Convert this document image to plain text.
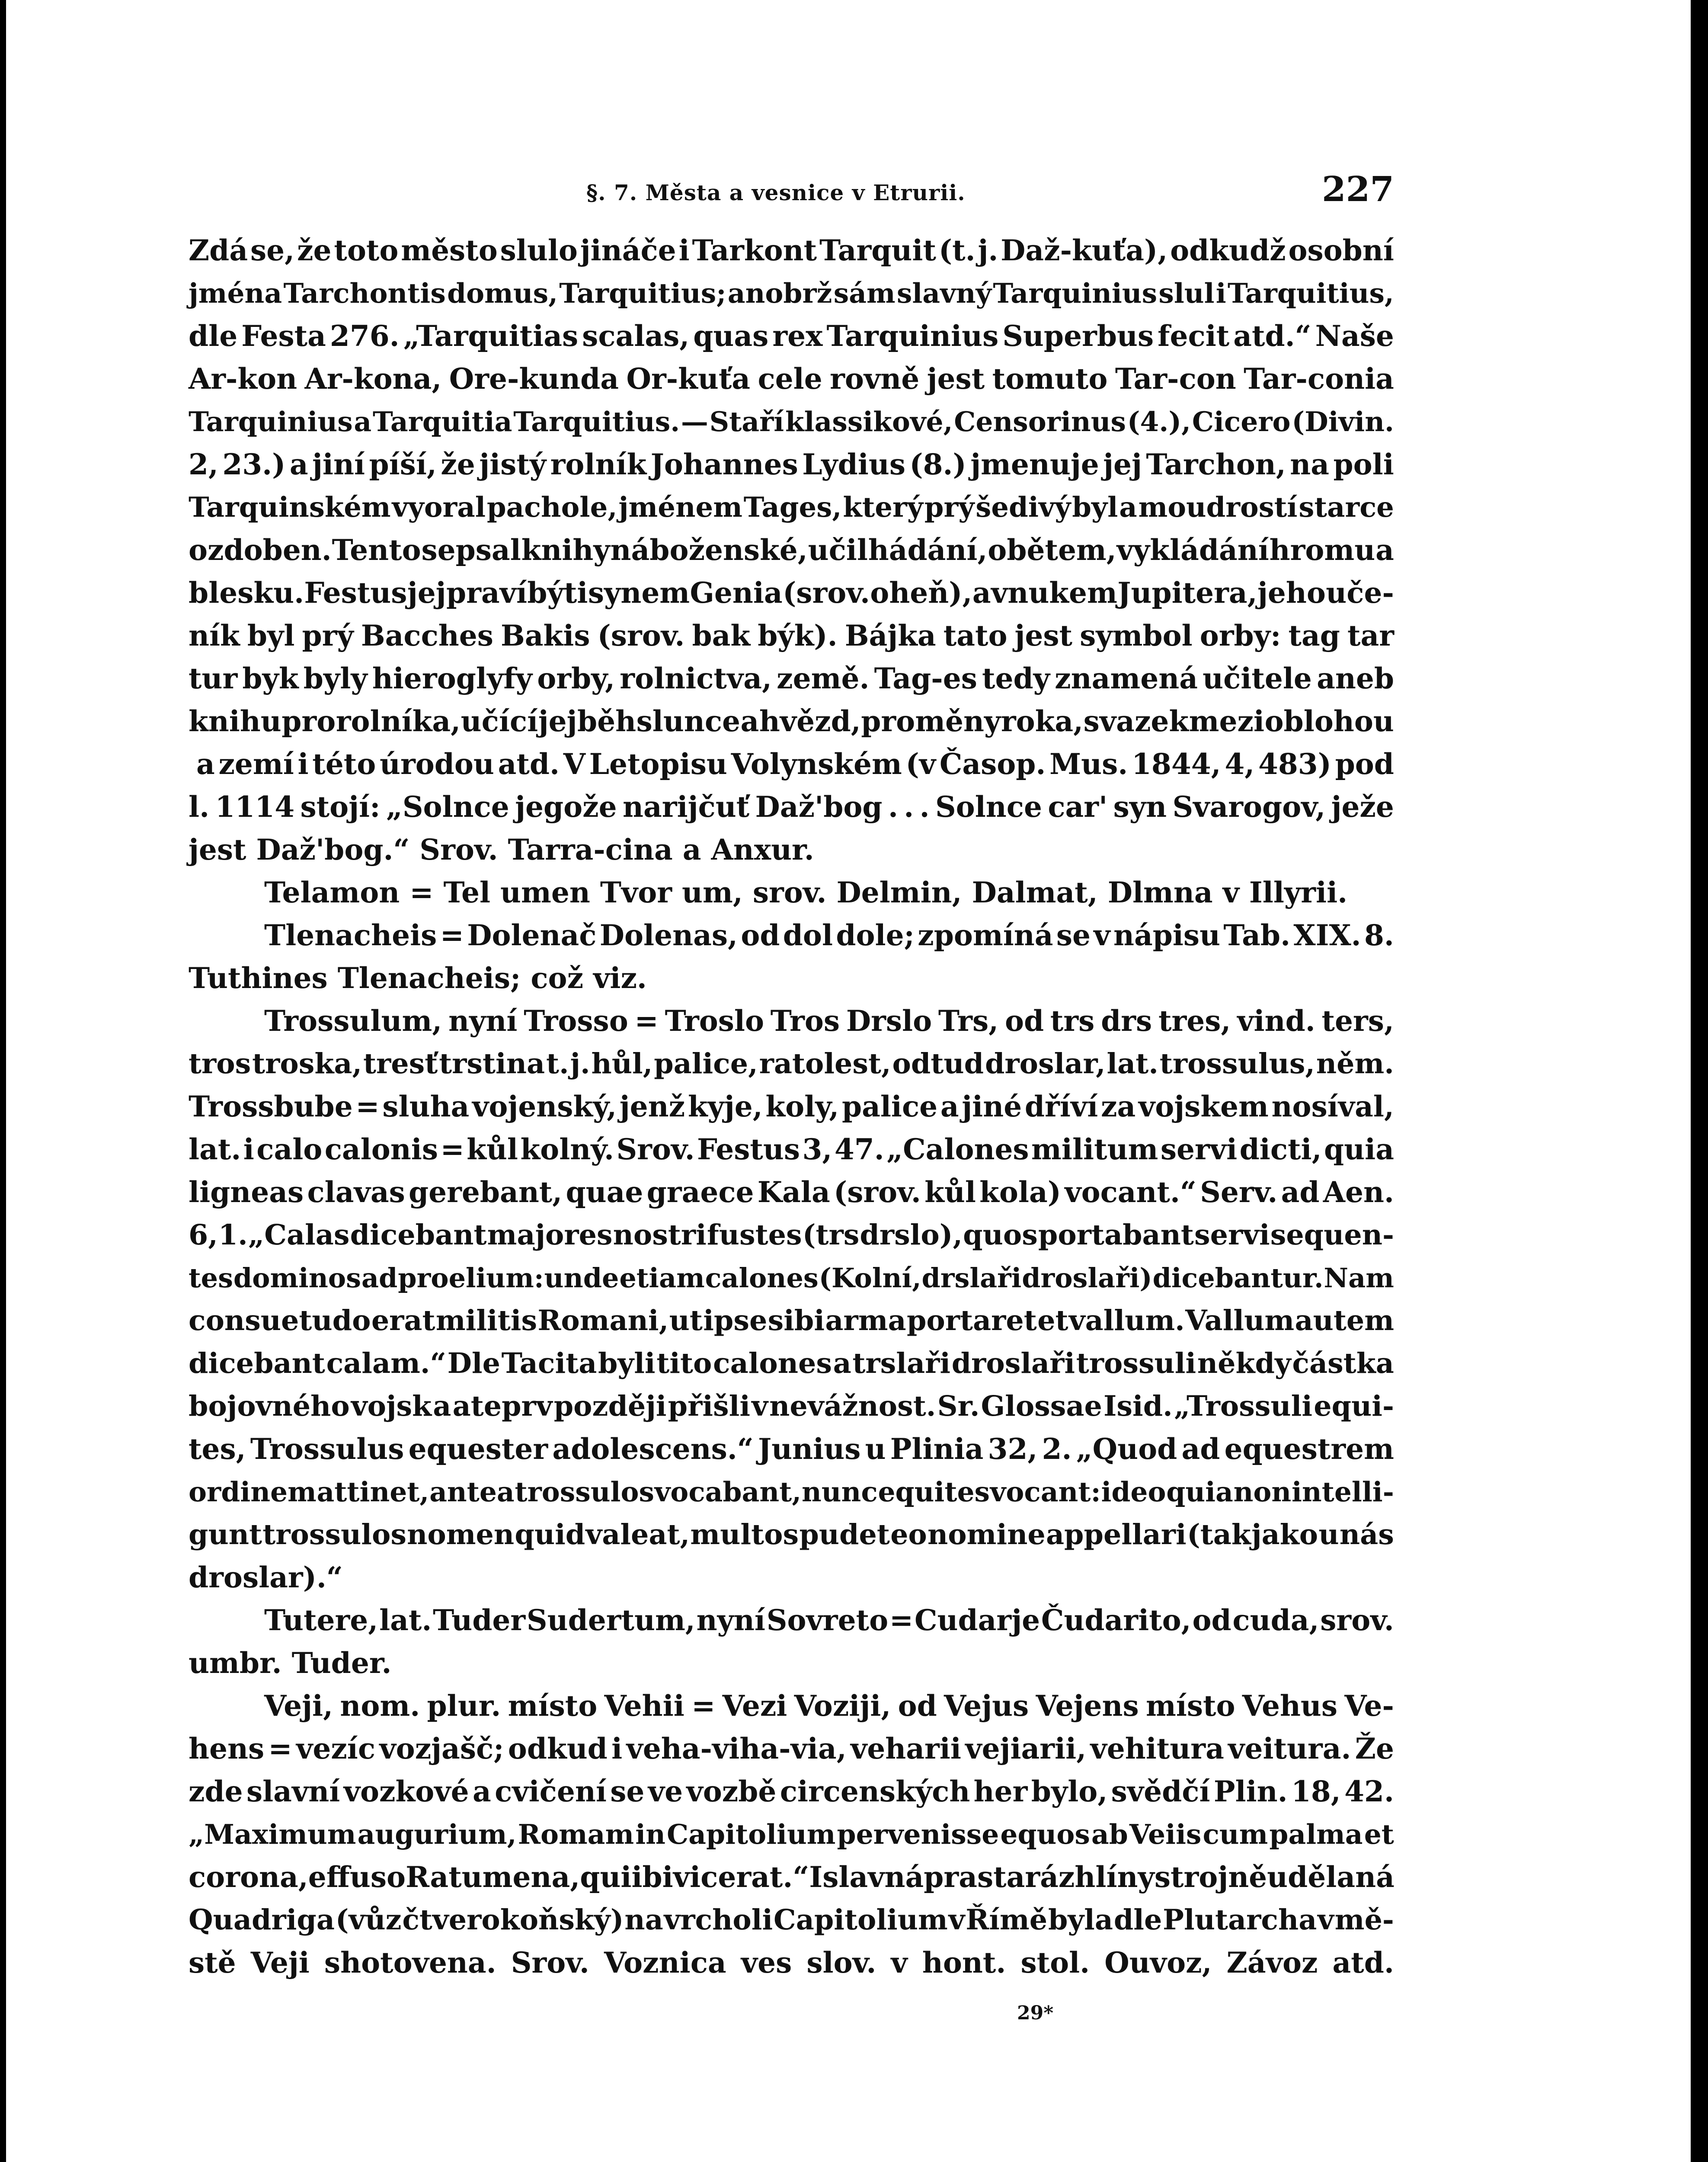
§. 7. Města a vesnice v Etrurii.	227
Zdá se, že toto město slulo jináče i Tarkont Tarquit (t. j. Daž-kuťa), odkudž osobní
jména Tarchontis domus, Tarquitius; anobrž sám slavný Tarquinius slul i Tarquitius,
dle Festa 276. „Tarquitias scalas, quas rex Tarquinius Superbus fecit atd.“ Naše
Ar-kon Ar-kona, Ore-kunda Or-kuťa cele rovně jest tomuto Tar-con Tar-conia
Tarquinius a Tarquitia Tarquitius. — Staří klassikové, Censorinus (4.), Cicero (Divin.
2, 23.) a jiní píší, že jistý rolník Johannes Lydius (8.) jmenuje jej Tarchon, na poli
Tarquinském vyoral pachole, jménem Tages, který prý šedivý byl a moudrostí starce
ozdoben. Tento sepsal knihy náboženské, učil hádání, obětem, vykládání hromu a
blesku. Festus jej praví býti synem Genia (srov. oheň), a vnukem Jupitera, jeho uče-
ník byl prý Bacches Bakis (srov. bak býk). Bájka tato jest symbol orby: tag tar
tur byk byly hieroglyfy orby, rolnictva, země. Tag-es tedy znamená učitele aneb
knihu pro rolníka, učící jej běh slunce a hvězd, proměny roka, svazek mezi oblohou
a zemí i této úrodou atd. V Letopisu Volynském (v Časop. Mus. 1844, 4, 483) pod
l. 1114 stojí: „Solnce jegože narijčuť Daž'bog . . . Solnce car' syn Svarogov, ježe
jest Daž'bog.“ Srov. Tarra-cina a Anxur.
Telamon = Tel umen Tvor um, srov. Delmin, Dalmat, Dlmna v Illyrii.
Tlenacheis = Dolenač Dolenas, od dol dole; zpomíná se v nápisu Tab. XIX. 8.
Tuthines Tlenacheis; což viz.
Trossulum, nyní Trosso = Troslo Tros Drslo Trs, od trs drs tres, vind. ters,
tros troska, tresť trstina t. j. hůl, palice, ratolest, odtud droslar, lat. trossulus, něm.
Trossbube = sluha vojenský, jenž kyje, koly, palice a jiné dříví za vojskem nosíval,
lat. i calo calonis = kůl kolný. Srov. Festus 3, 47. „Calones militum servi dicti, quia
ligneas clavas gerebant, quae graece Kala (srov. kůl kola) vocant.“ Serv. ad Aen.
6, 1. „Calas dicebant majores nostri fustes (trs drslo), quos portabant servi sequen-
tes dominos ad proelium: unde etiam calones (Kolní, drslaři droslaři) dicebantur. Nam
consuetudo erat militis Romani, ut ipse sibi arma portaret et vallum. Vallum autem
dicebant calam.“ Dle Tacita byli tito calones a trslaři droslaři trossuli někdy částka
bojovného vojsk a ateprv později přišli v nevážnost. Sr. Glossae Isid. „Trossuli equi-
tes, Trossulus equester adolescens.“ Junius u Plinia 32, 2. „Quod ad equestrem
ordinem attinet, antea trossulos vocabant, nunc equites vocant: ideo quia non intelli-
gunt trossulos nomen quid valeat, multos pudet eo nomine appellari (tak jako u nás
droslar).“
Tutere, lat. Tuder Sudertum, nyní Sovreto = Cudarje Čudarito, od cuda, srov.
umbr. Tuder.
Veji, nom. plur. místo Vehii = Vezi Voziji, od Vejus Vejens místo Vehus Ve-
hens = vezíc vozjašč; odkud i veha-viha-via, veharii vejiarii, vehitura veitura. Že
zde slavní vozkové a cvičení se ve vozbě circenských her bylo, svědčí Plin. 18, 42.
„Maximum augurium, Romam in Capitolium pervenisse equos ab Veiis cum palma et
corona, effuso Ratumena, qui ibi vicerat.“ I slavná prastará z hlíny strojně udělaná
Quadriga (vůz čtverokoňský) na vrcholi Capitolium v Římě byla dle Plutarcha v mě-
stě Veji shotovena. Srov. Voznica ves slov. v hont. stol. Ouvoz, Závoz atd.
29*
